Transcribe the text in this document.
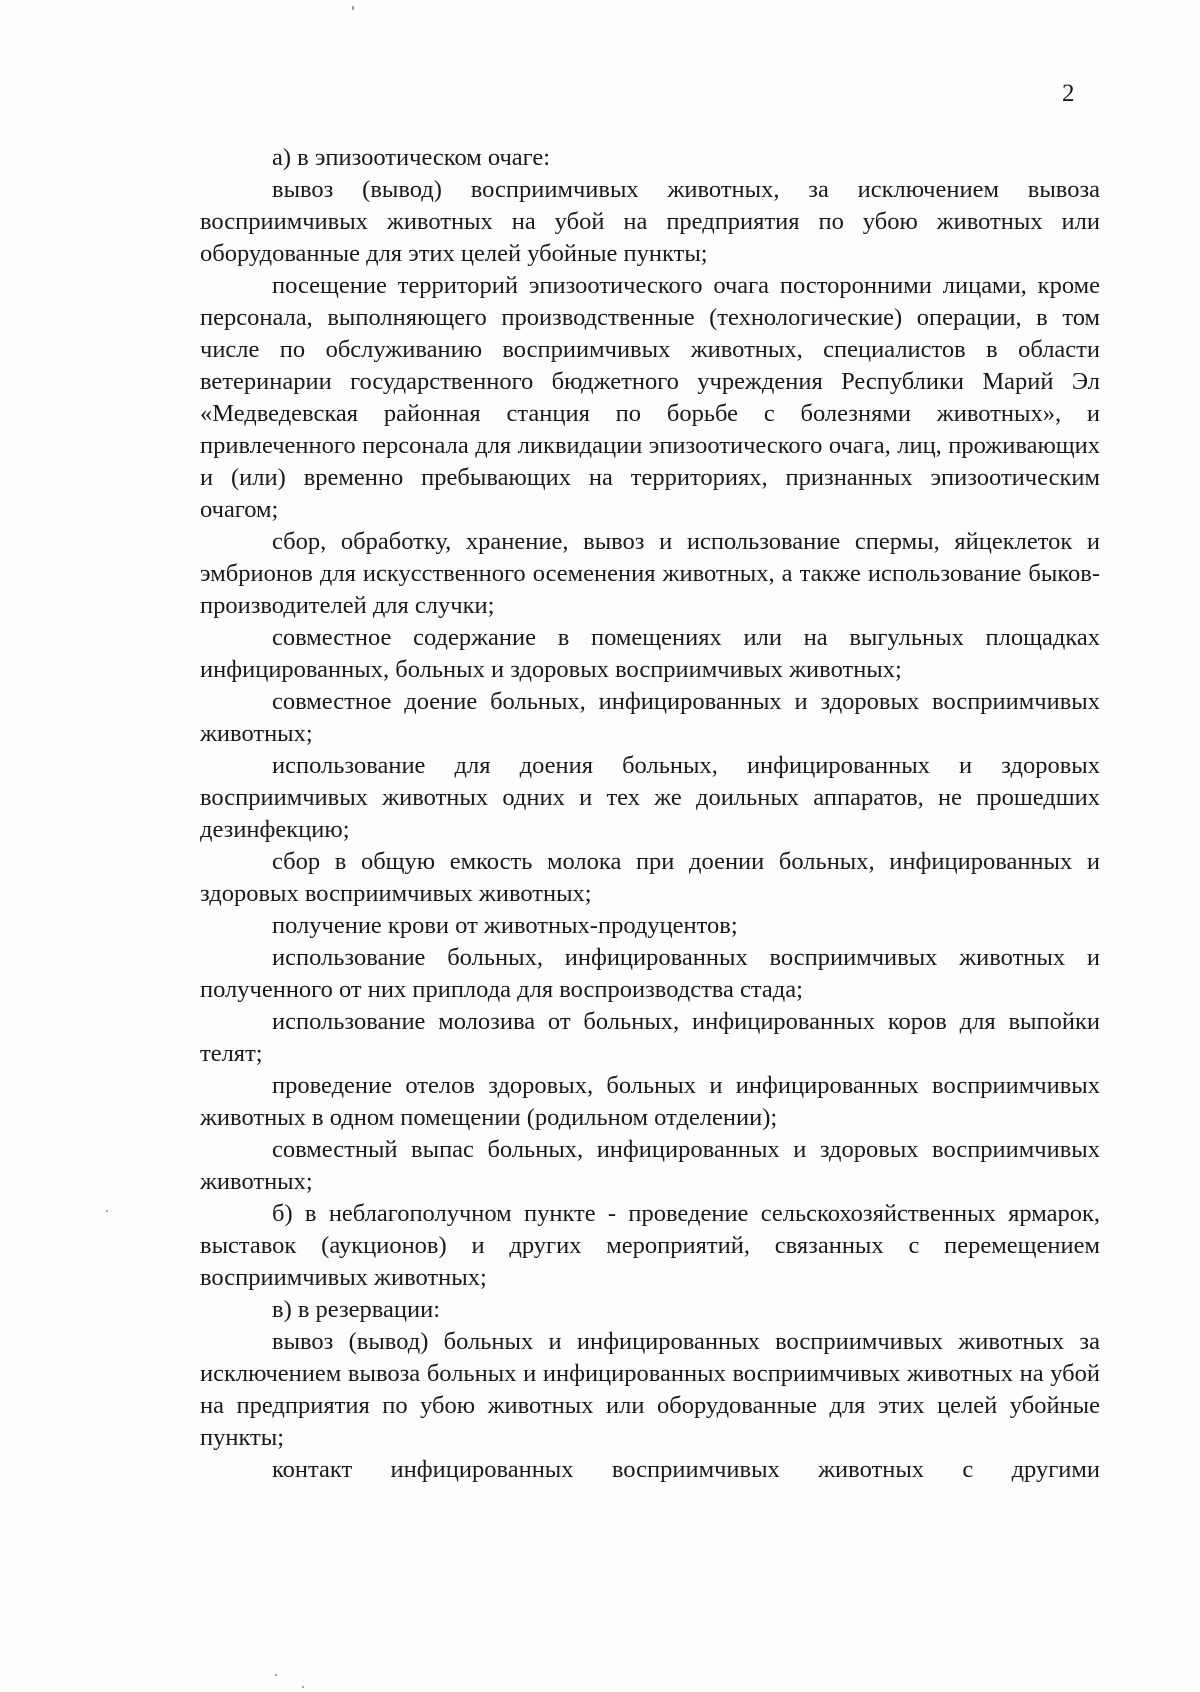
2

а) в эпизоотическом очаге:

вывоз (вывод) восприимчивых животных, за исключением вывоза восприимчивых животных на убой на предприятия по убою животных или оборудованные для этих целей убойные пункты;

посещение территорий эпизоотического очага посторонними лицами, кроме персонала, выполняющего производственные (технологические) операции, в том числе по обслуживанию восприимчивых животных, специалистов в области ветеринарии государственного бюджетного учреждения Республики Марий Эл «Медведевская районная станция по борьбе с болезнями животных», и привлеченного персонала для ликвидации эпизоотического очага, лиц, проживающих и (или) временно пребывающих на территориях, признанных эпизоотическим очагом;

сбор, обработку, хранение, вывоз и использование спермы, яйцеклеток и эмбрионов для искусственного осеменения животных, а также использование быков-производителей для случки;

совместное содержание в помещениях или на выгульных площадках инфицированных, больных и здоровых восприимчивых животных;

совместное доение больных, инфицированных и здоровых восприимчивых животных;

использование для доения больных, инфицированных и здоровых восприимчивых животных одних и тех же доильных аппаратов, не прошедших дезинфекцию;

сбор в общую емкость молока при доении больных, инфицированных и здоровых восприимчивых животных;

получение крови от животных-продуцентов;

использование больных, инфицированных восприимчивых животных и полученного от них приплода для воспроизводства стада;

использование молозива от больных, инфицированных коров для выпойки телят;

проведение отелов здоровых, больных и инфицированных восприимчивых животных в одном помещении (родильном отделении);

совместный выпас больных, инфицированных и здоровых восприимчивых животных;

б) в неблагополучном пункте - проведение сельскохозяйственных ярмарок, выставок (аукционов) и других мероприятий, связанных с перемещением восприимчивых животных;

в) в резервации:

вывоз (вывод) больных и инфицированных восприимчивых животных за исключением вывоза больных и инфицированных восприимчивых животных на убой на предприятия по убою животных или оборудованные для этих целей убойные пункты;

контакт инфицированных восприимчивых животных с другими
